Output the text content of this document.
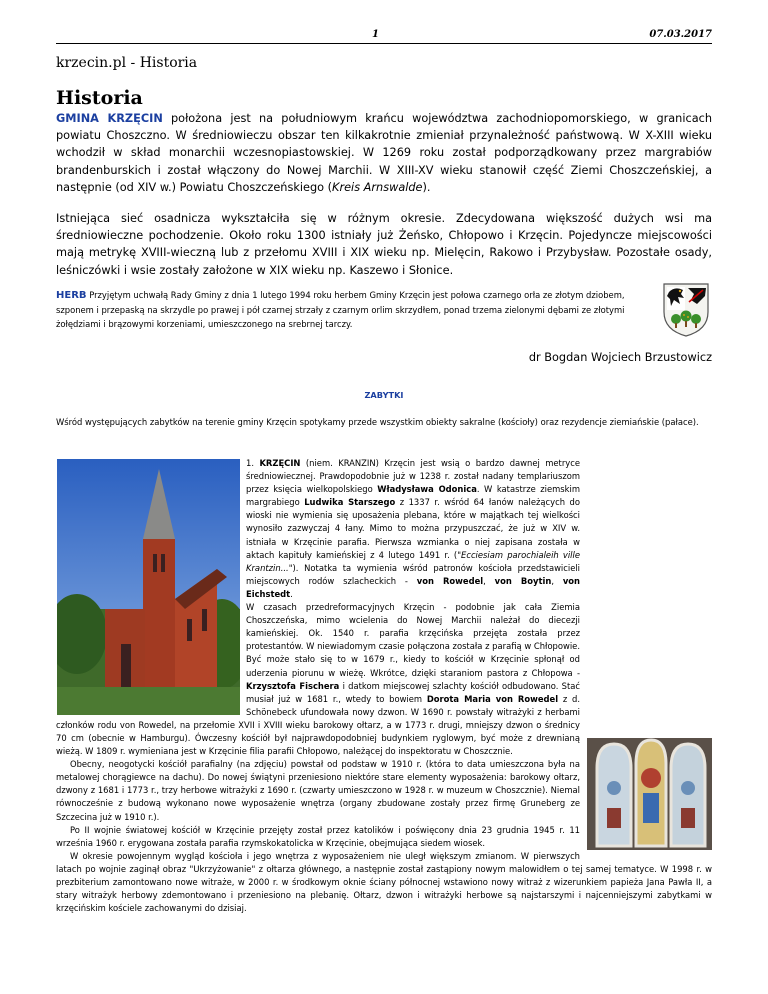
1	07.03.2017
krzecin.pl - Historia
Historia

GMINA KRZĘCIN położona jest na południowym krańcu województwa zachodniopomorskiego, w granicach powiatu Choszczno. W średniowieczu obszar ten kilkakrotnie zmieniał przynależność państwową. W X-XIII wieku wchodził w skład monarchii wczesnopiastowskiej. W 1269 roku został podporządkowany przez margrabiów brandenburskich i został włączony do Nowej Marchii. W XIII-XV wieku stanowił część Ziemi Choszczeńskiej, a następnie (od XIV w.) Powiatu Choszczeńskiego (Kreis Arnswalde).

Istniejąca sieć osadnicza wykształciła się w różnym okresie. Zdecydowana większość dużych wsi ma średniowieczne pochodzenie. Około roku 1300 istniały już Żeńsko, Chłopowo i Krzęcin. Pojedyncze miejscowości mają metrykę XVIII-wieczną lub z przełomu XVIII i XIX wieku np. Mielęcin, Rakowo i Przybysław. Pozostałe osady, leśniczówki i wsie zostały założone w XIX wieku np. Kaszewo i Słonice.

HERB Przyjętym uchwałą Rady Gminy z dnia 1 lutego 1994 roku herbem Gminy Krzęcin jest połowa czarnego orła ze złotym dziobem, szponem i przepaską na skrzydle po prawej i pół czarnej strzały z czarnym orlim skrzydłem, ponad trzema zielonymi dębami ze złotymi żołędziami i brązowymi korzeniami, umieszczonego na srebrnej tarczy.

dr Bogdan Wojciech Brzustowicz
ZABYTKI

Wśród występujących zabytków na terenie gminy Krzęcin spotykamy przede wszystkim obiekty sakralne (kościoły) oraz rezydencje ziemiańskie (pałace).

1. KRZĘCIN (niem. KRANZIN) Krzęcin jest wsią o bardzo dawnej metryce średniowiecznej. Prawdopodobnie już w 1238 r. został nadany templariuszom przez księcia wielkopolskiego Władysława Odonica. W katastrze ziemskim margrabiego Ludwika Starszego z 1337 r. wśród 64 łanów należących do wioski nie wymienia się uposażenia plebana, które w majątkach tej wielkości wynosiło zazwyczaj 4 łany. Mimo to można przypuszczać, że już w XIV w. istniała w Krzęcinie parafia. Pierwsza wzmianka o niej zapisana została w aktach kapituły kamieńskiej z 4 lutego 1491 r. ("Ecciesiam parochialeih ville Krantzin..."). Notatka ta wymienia wśród patronów kościoła przedstawicieli miejscowych rodów szlacheckich - von Rowedel, von Boytin, von Eichstedt.

W czasach przedreformacyjnych Krzęcin - podobnie jak cała Ziemia Choszczeńska, mimo wcielenia do Nowej Marchii należał do diecezji kamieńskiej. Ok. 1540 r. parafia krzęcińska przejęta została przez protestantów. W niewiadomym czasie połączona została z parafią w Chłopowie. Być może stało się to w 1679 r., kiedy to kościół w Krzęcinie spłonął od uderzenia piorunu w wieżę. Wkrótce, dzięki staraniom pastora z Chłopowa - Krzysztofa Fischera i datkom miejscowej szlachty kościół odbudowano. Stać musiał już w 1681 r., wtedy to bowiem Dorota Maria von Rowedel z d. Schönebeck ufundowała nowy dzwon. W 1690 r. powstały witrażyki z herbami członków rodu von Rowedel, na przełomie XVII i XVIII wieku barokowy ołtarz, a w 1773 r. drugi, mniejszy dzwon o średnicy 70 cm (obecnie w Hamburgu). Ówczesny kościół był najprawdopodobniej budynkiem ryglowym, być może z drewnianą wieżą. W 1809 r. wymieniana jest w Krzęcinie filia parafii Chłopowo, należącej do inspektoratu w Choszcznie.

Obecny, neogotycki kościół parafialny (na zdjęciu) powstał od podstaw w 1910 r. (która to data umieszczona była na metalowej chorągiewce na dachu). Do nowej świątyni przeniesiono niektóre stare elementy wyposażenia: barokowy ołtarz, dzwony z 1681 i 1773 r., trzy herbowe witrażyki z 1690 r. (czwarty umieszczono w 1928 r. w muzeum w Choszcznie). Niemal równocześnie z budową wykonano nowe wyposażenie wnętrza (organy zbudowane zostały przez firmę Gruneberg ze Szczecina już w 1910 r.).

Po II wojnie światowej kościół w Krzęcinie przejęty został przez katolików i poświęcony dnia 23 grudnia 1945 r. 11 września 1960 r. erygowana została parafia rzymskokatolicka w Krzęcinie, obejmująca siedem wiosek.

W okresie powojennym wygląd kościoła i jego wnętrza z wyposażeniem nie uległ większym zmianom. W pierwszych latach po wojnie zaginął obraz "Ukrzyżowanie" z ołtarza głównego, a następnie został zastąpiony nowym malowidłem o tej samej tematyce. W 1998 r. w prezbiterium zamontowano nowe witraże, w 2000 r. w środkowym oknie ściany północnej wstawiono nowy witraż z wizerunkiem papieża Jana Pawła II, a stary witrażyk herbowy zdemontowano i przeniesiono na plebanię. Ołtarz, dzwon i witrażyki herbowe są najstarszymi i najcenniejszymi zabytkami w krzęcińskim kościele zachowanymi do dzisiaj.
